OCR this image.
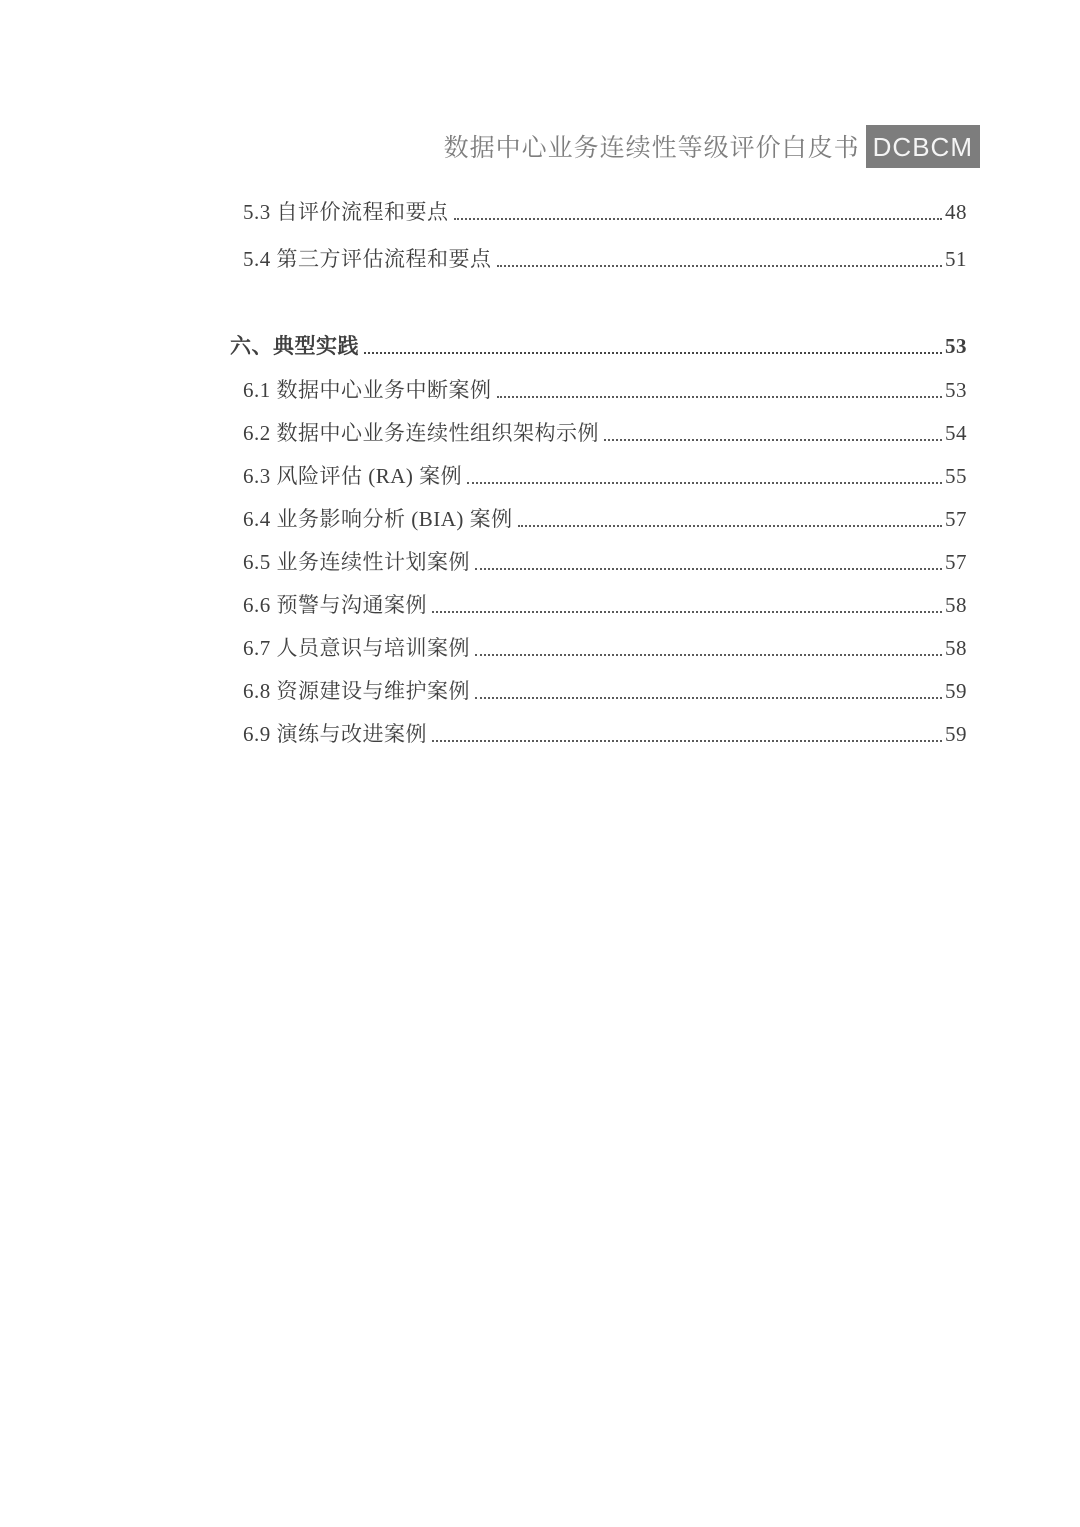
数据中心业务连续性等级评价白皮书 DCBCM
5.3 自评价流程和要点	48
5.4 第三方评估流程和要点	51
六、典型实践	53
6.1 数据中心业务中断案例	53
6.2 数据中心业务连续性组织架构示例	54
6.3 风险评估 (RA) 案例	55
6.4 业务影响分析 (BIA) 案例	57
6.5 业务连续性计划案例	57
6.6 预警与沟通案例	58
6.7 人员意识与培训案例	58
6.8 资源建设与维护案例	59
6.9 演练与改进案例	59
